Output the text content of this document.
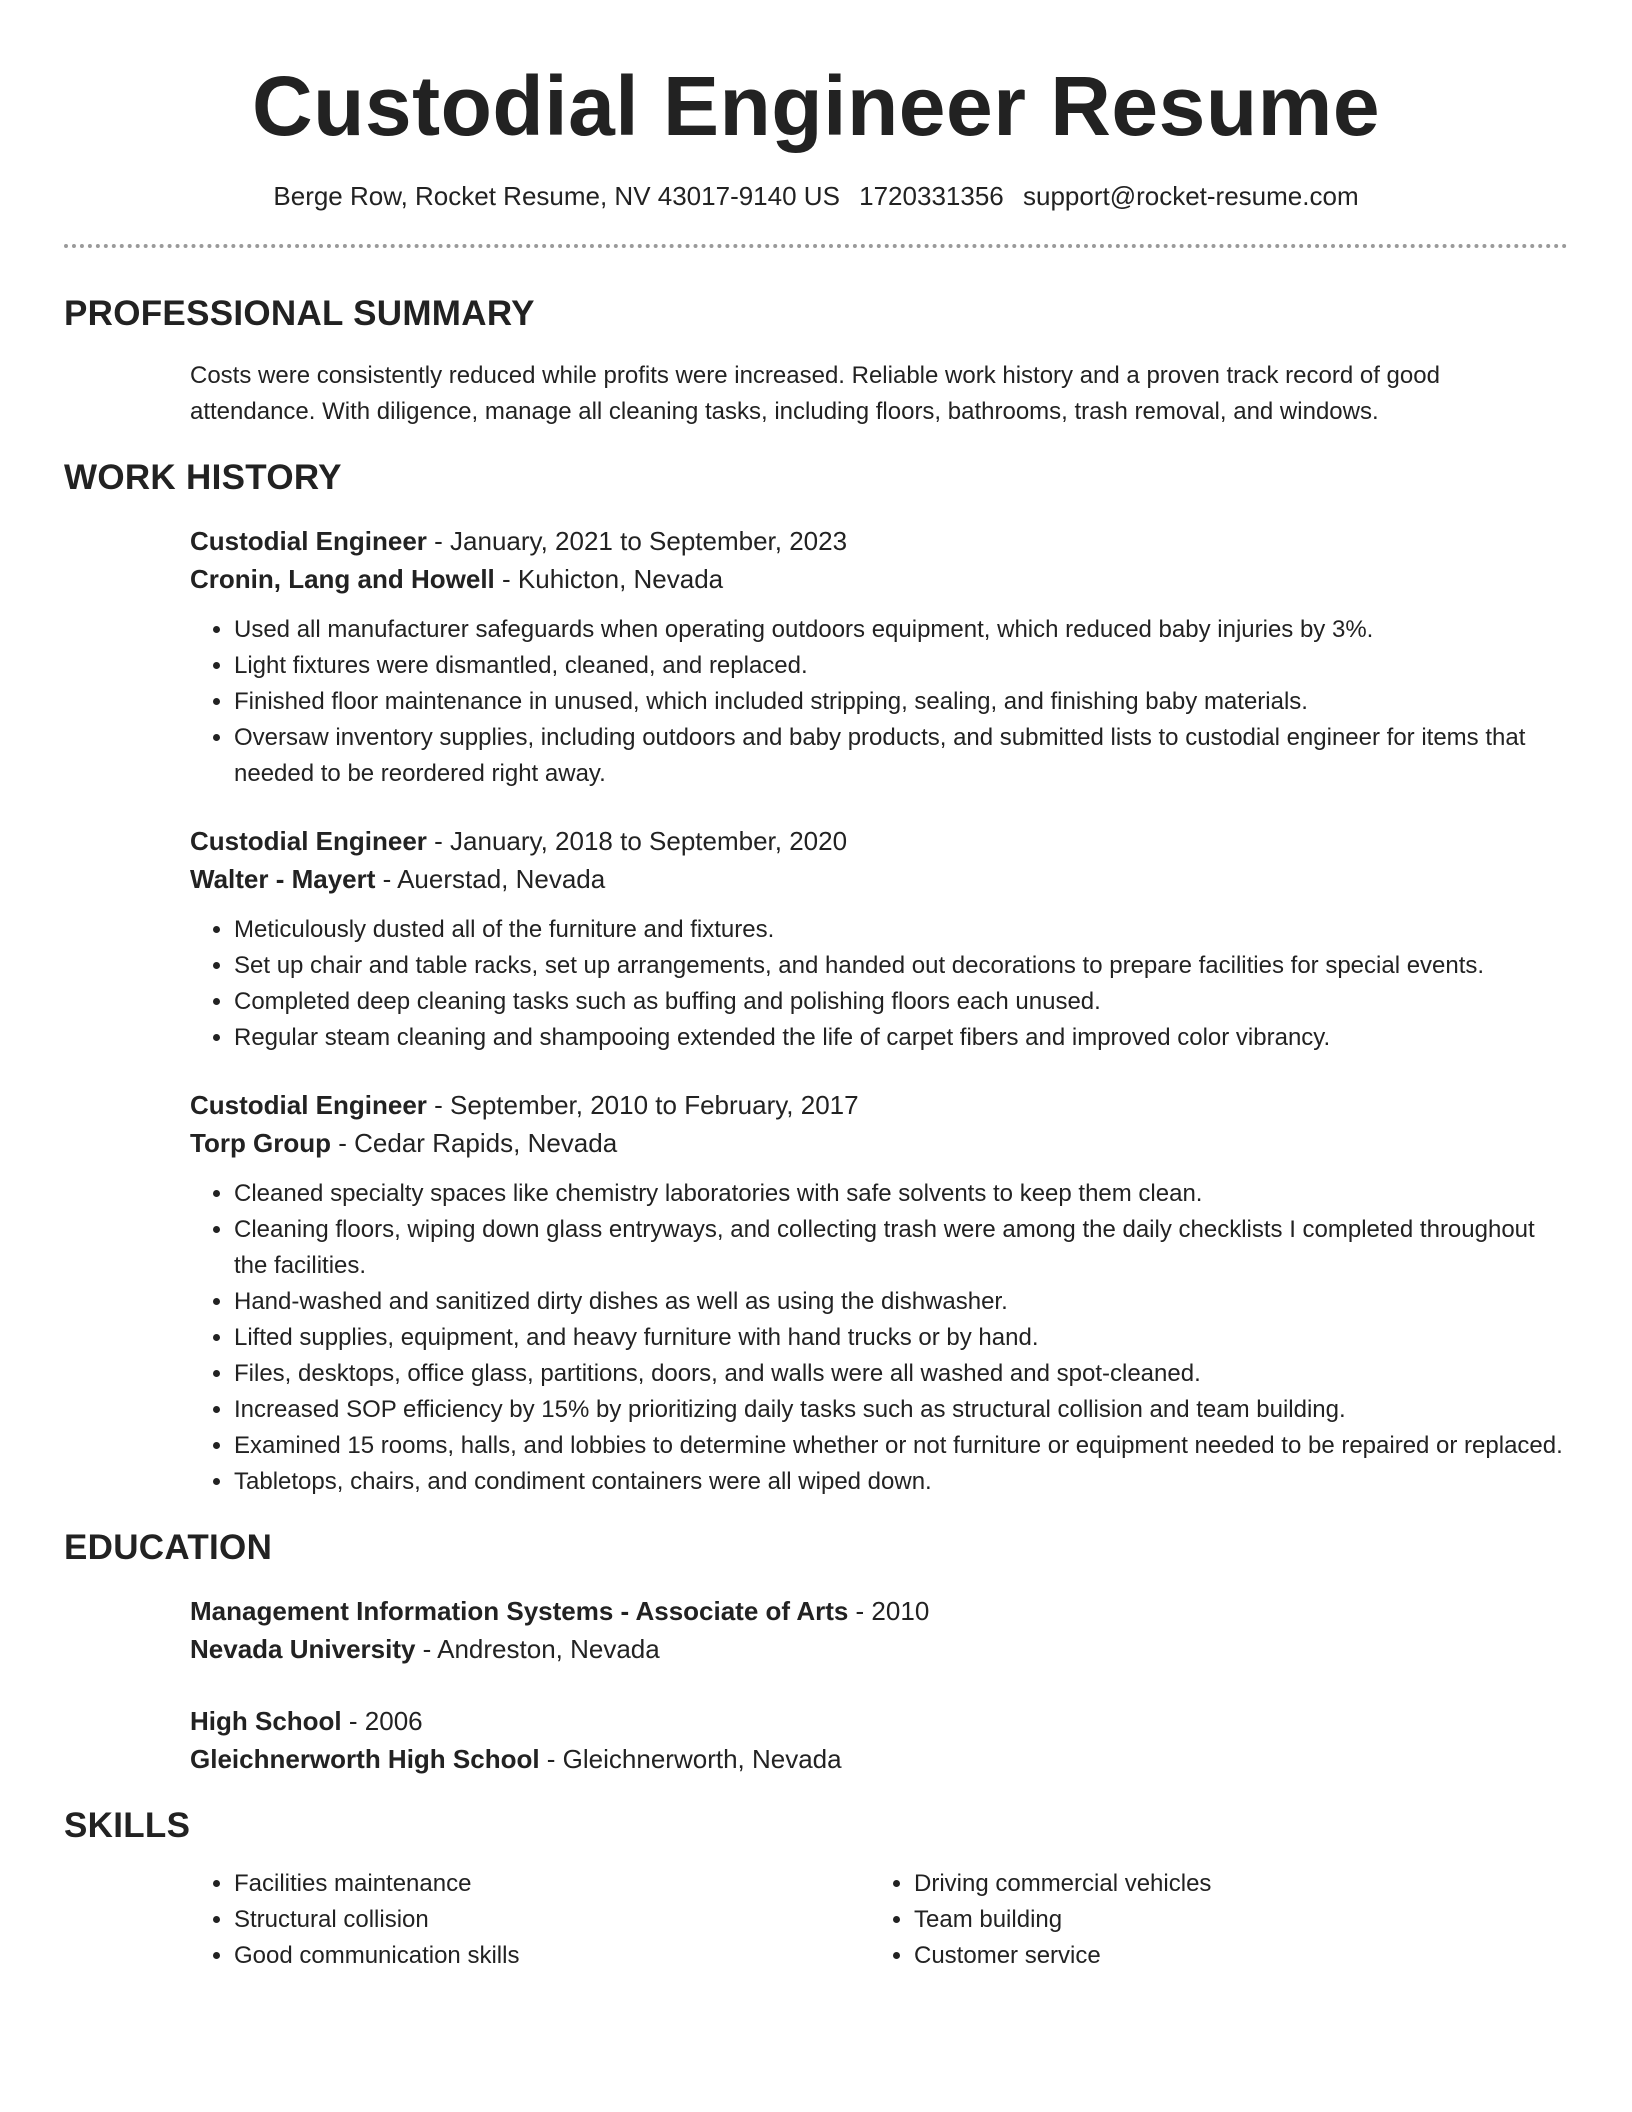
Custodial Engineer Resume
Berge Row, Rocket Resume, NV 43017-9140 US 1720331356 support@rocket-resume.com
PROFESSIONAL SUMMARY

Costs were consistently reduced while profits were increased. Reliable work history and a proven track record of good attendance. With diligence, manage all cleaning tasks, including floors, bathrooms, trash removal, and windows.

WORK HISTORY
Custodial Engineer - January, 2021 to September, 2023
Cronin, Lang and Howell - Kuhicton, Nevada
• Used all manufacturer safeguards when operating outdoors equipment, which reduced baby injuries by 3%.
• Light fixtures were dismantled, cleaned, and replaced.
• Finished floor maintenance in unused, which included stripping, sealing, and finishing baby materials.
• Oversaw inventory supplies, including outdoors and baby products, and submitted lists to custodial engineer for items that needed to be reordered right away.
Custodial Engineer - January, 2018 to September, 2020
Walter - Mayert - Auerstad, Nevada
• Meticulously dusted all of the furniture and fixtures.
• Set up chair and table racks, set up arrangements, and handed out decorations to prepare facilities for special events.
• Completed deep cleaning tasks such as buffing and polishing floors each unused.
• Regular steam cleaning and shampooing extended the life of carpet fibers and improved color vibrancy.
Custodial Engineer - September, 2010 to February, 2017
Torp Group - Cedar Rapids, Nevada
• Cleaned specialty spaces like chemistry laboratories with safe solvents to keep them clean.
• Cleaning floors, wiping down glass entryways, and collecting trash were among the daily checklists I completed throughout the facilities.
• Hand-washed and sanitized dirty dishes as well as using the dishwasher.
• Lifted supplies, equipment, and heavy furniture with hand trucks or by hand.
• Files, desktops, office glass, partitions, doors, and walls were all washed and spot-cleaned.
• Increased SOP efficiency by 15% by prioritizing daily tasks such as structural collision and team building.
• Examined 15 rooms, halls, and lobbies to determine whether or not furniture or equipment needed to be repaired or replaced.
• Tabletops, chairs, and condiment containers were all wiped down.
EDUCATION
Management Information Systems - Associate of Arts - 2010
Nevada University - Andreston, Nevada
High School - 2006
Gleichnerworth High School - Gleichnerworth, Nevada
SKILLS
• Facilities maintenance
• Structural collision
• Good communication skills
• Driving commercial vehicles
• Team building
• Customer service
